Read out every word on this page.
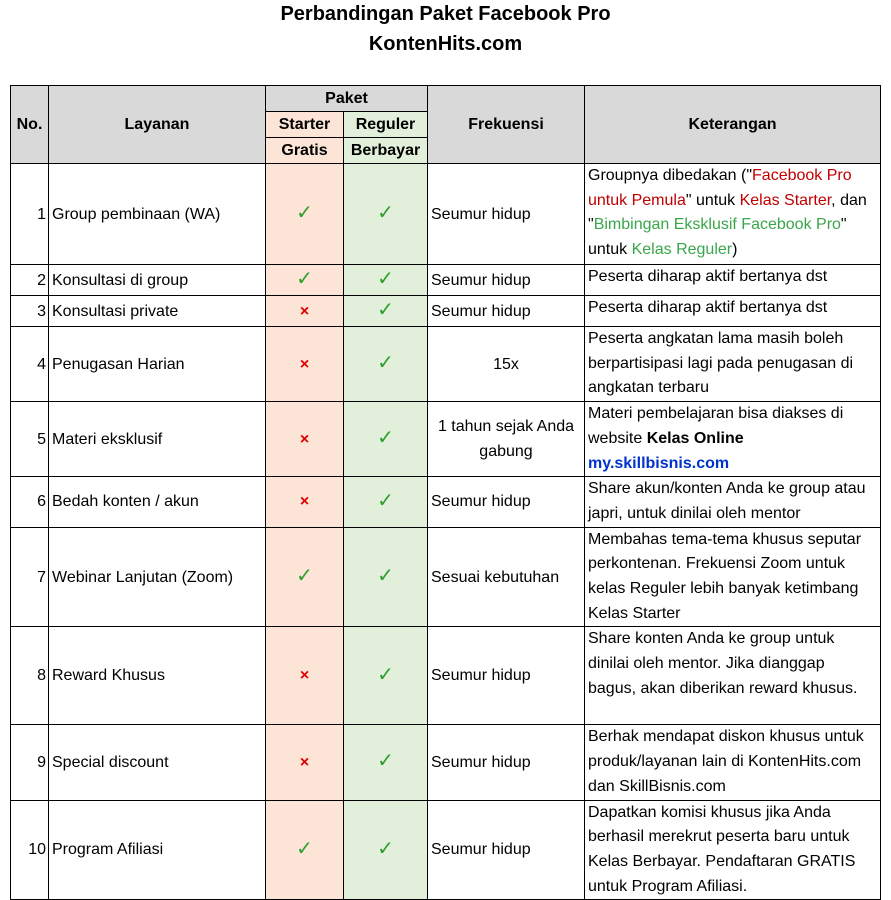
Perbandingan Paket Facebook Pro
KontenHits.com
No.	Layanan	Paket		Frekuensi	Keterangan
		Starter	Reguler		
		Gratis	Berbayar		
1	Group pembinaan (WA)	✓	✓	Seumur hidup	Groupnya dibedakan ("Facebook Pro untuk Pemula" untuk Kelas Starter, dan "Bimbingan Eksklusif Facebook Pro" untuk Kelas Reguler)
2	Konsultasi di group	✓	✓	Seumur hidup	Peserta diharap aktif bertanya dst
3	Konsultasi private	×	✓	Seumur hidup	Peserta diharap aktif bertanya dst
4	Penugasan Harian	×	✓	15x	Peserta angkatan lama masih boleh berpartisipasi lagi pada penugasan di angkatan terbaru
5	Materi eksklusif	×	✓	1 tahun sejak Anda gabung	Materi pembelajaran bisa diakses di website Kelas Online
my.skillbisnis.com
6	Bedah konten / akun	×	✓	Seumur hidup	Share akun/konten Anda ke group atau japri, untuk dinilai oleh mentor
7	Webinar Lanjutan (Zoom)	✓	✓	Sesuai kebutuhan	Membahas tema-tema khusus seputar perkontenan. Frekuensi Zoom untuk kelas Reguler lebih banyak ketimbang Kelas Starter
8	Reward Khusus	×	✓	Seumur hidup	Share konten Anda ke group untuk dinilai oleh mentor. Jika dianggap bagus, akan diberikan reward khusus.
9	Special discount	×	✓	Seumur hidup	Berhak mendapat diskon khusus untuk produk/layanan lain di KontenHits.com dan SkillBisnis.com
10	Program Afiliasi	✓	✓	Seumur hidup	Dapatkan komisi khusus jika Anda berhasil merekrut peserta baru untuk Kelas Berbayar. Pendaftaran GRATIS untuk Program Afiliasi.
